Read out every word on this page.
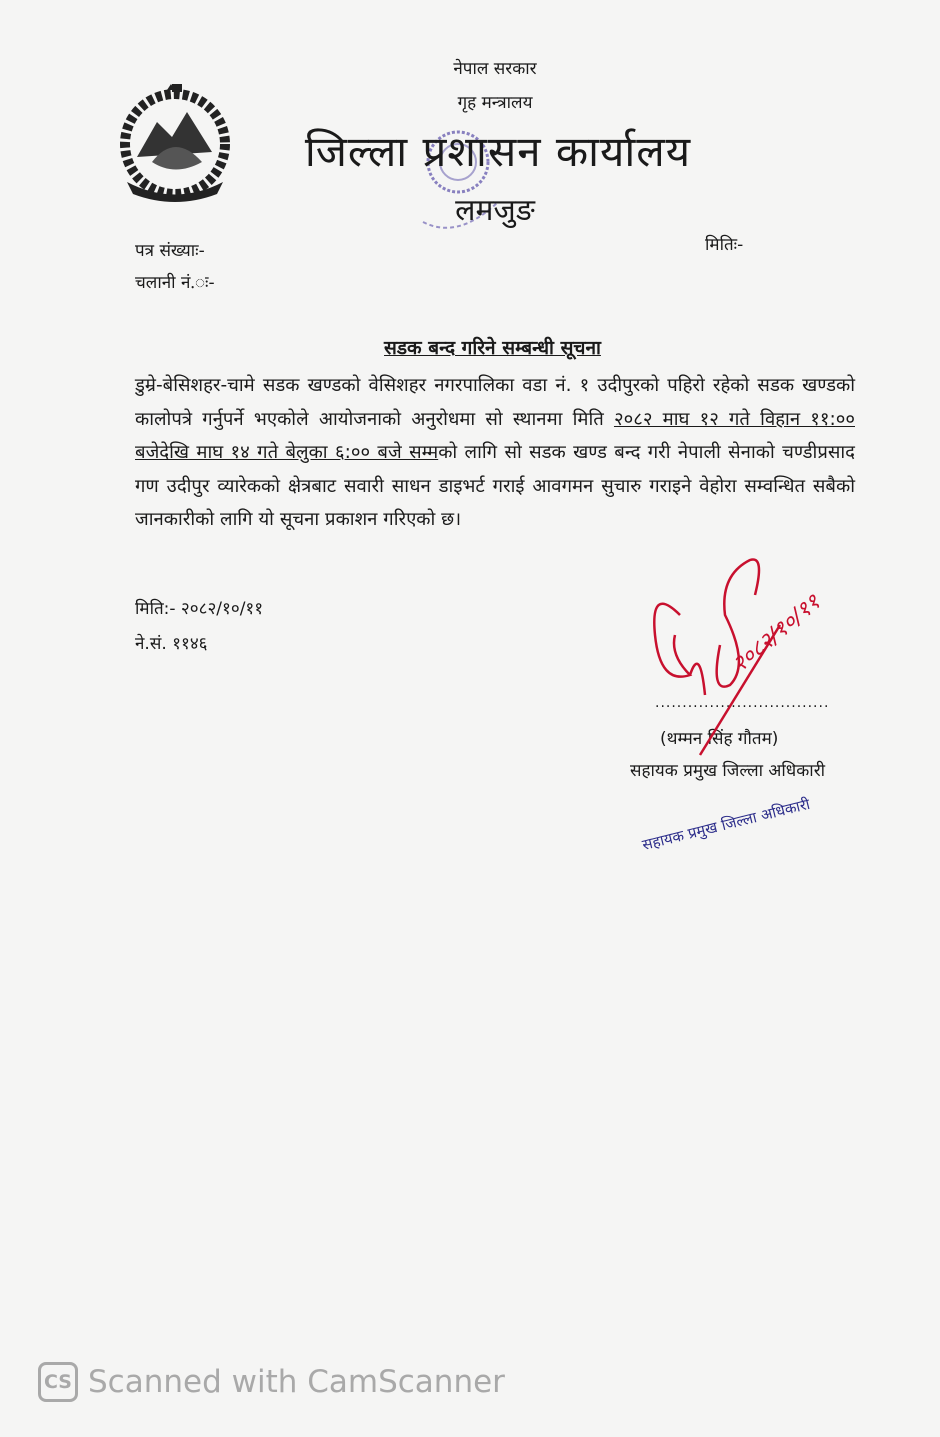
नेपाल सरकार
गृह मन्त्रालय
जिल्ला प्रशासन कार्यालय
लमजुङ
पत्र संख्याः-
चलानी नं.ः-
मितिः-
सडक बन्द गरिने सम्बन्धी सूचना
डुम्रे-बेसिशहर-चामे सडक खण्डको वेसिशहर नगरपालिका वडा नं. १ उदीपुरको पहिरो रहेको सडक खण्डको कालोपत्रे गर्नुपर्ने भएकोले आयोजनाको अनुरोधमा सो स्थानमा मिति २०८२ माघ १२ गते विहान ११:०० बजेदेखि माघ १४ गते बेलुका ६:०० बजे सम्मको लागि सो सडक खण्ड बन्द गरी नेपाली सेनाको चण्डीप्रसाद गण उदीपुर व्यारेकको क्षेत्रबाट सवारी साधन डाइभर्ट गराई आवगमन सुचारु गराइने वेहोरा सम्वन्धित सबैको जानकारीको लागि यो सूचना प्रकाशन गरिएको छ।
मिति:- २०८२/१०/११
ने.सं. ११४६
................................
(थम्मन सिंह गौतम)
सहायक प्रमुख जिल्ला अधिकारी
सहायक प्रमुख जिल्ला अधिकारी
२०८२/१०/११
CS Scanned with CamScanner
